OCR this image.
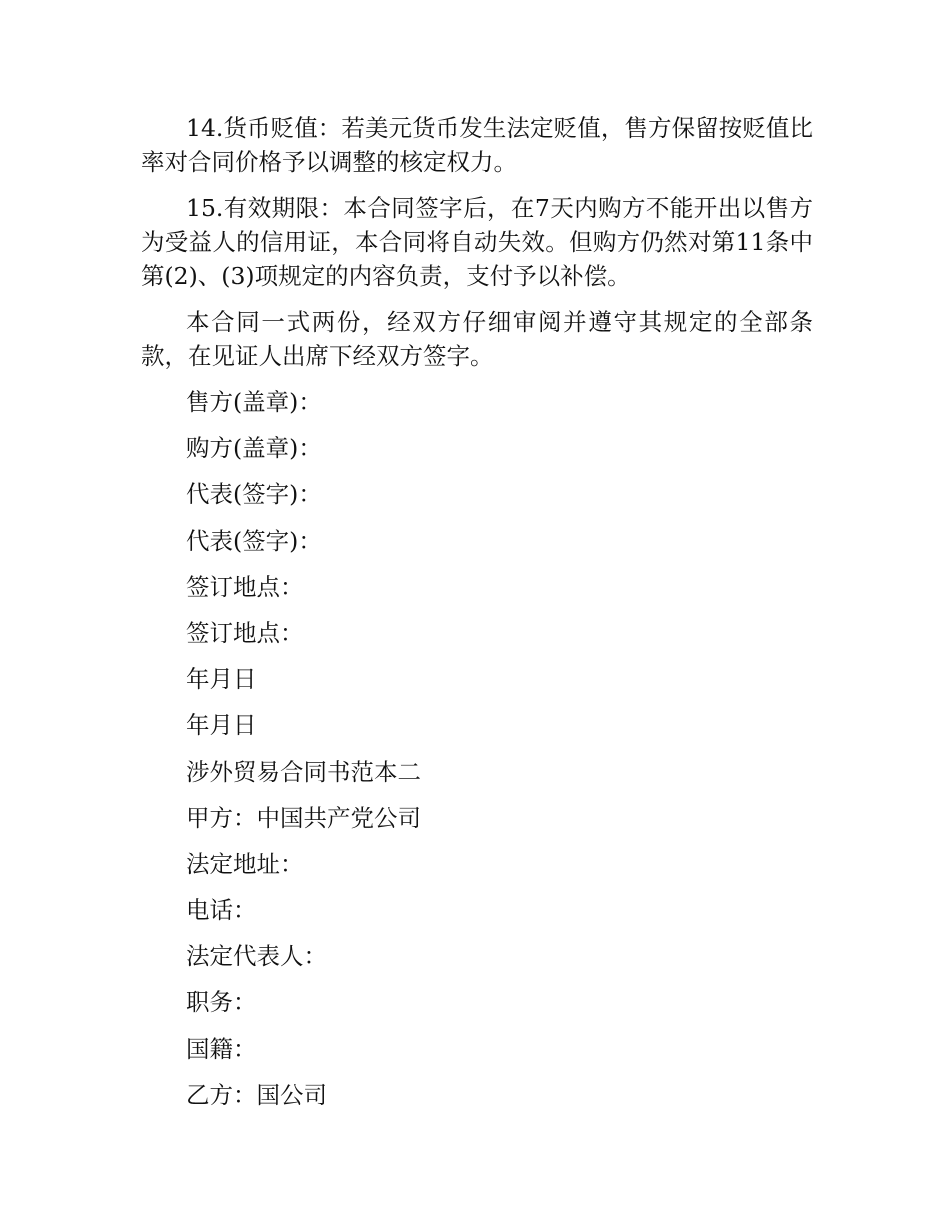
14.货币贬值：若美元货币发生法定贬值，售方保留按贬值比率对合同价格予以调整的核定权力。

15.有效期限：本合同签字后，在7天内购方不能开出以售方为受益人的信用证，本合同将自动失效。但购方仍然对第11条中第(2)、(3)项规定的内容负责，支付予以补偿。

本合同一式两份，经双方仔细审阅并遵守其规定的全部条款，在见证人出席下经双方签字。

售方(盖章)：

购方(盖章)：

代表(签字)：

代表(签字)：

签订地点：

签订地点：

年月日

年月日

涉外贸易合同书范本二

甲方：中国共产党公司

法定地址：

电话：

法定代表人：

职务：

国籍：

乙方：国公司
